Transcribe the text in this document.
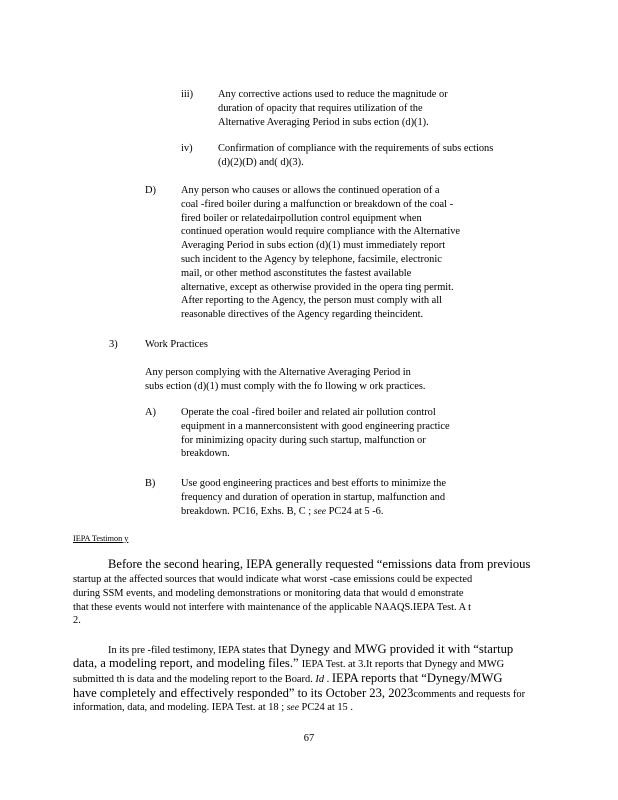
iii) Any corrective actions used to reduce the magnitude or
duration of opacity that requires utilization of the
Alternative Averaging Period in subs ection (d)(1).
iv) Confirmation of compliance with the requirements of subs ections
(d)(2)(D) and( d)(3).
D) Any person who causes or allows the continued operation of a
coal -fired boiler during a malfunction or breakdown of the coal -
fired boiler or relatedairpollution control equipment when
continued operation would require compliance with the Alternative
Averaging Period in subs ection (d)(1) must immediately report
such incident to the Agency by telephone, facsimile, electronic
mail, or other method asconstitutes the fastest available
alternative, except as otherwise provided in the opera ting permit.
After reporting to the Agency, the person must comply with all
reasonable directives of the Agency regarding theincident.
3)	Work Practices
Any person complying with the Alternative Averaging Period in
subs ection (d)(1) must comply with the fo llowing w ork practices.
A) Operate the coal -fired boiler and related air pollution control
equipment in a mannerconsistent with good engineering practice
for minimizing opacity during such startup, malfunction or
breakdown.
B) Use good engineering practices and best efforts to minimize the
frequency and duration of operation in startup, malfunction and
breakdown. PC16, Exhs. B, C ; see PC24 at 5 -6.
IEPA Testimon y
Before the second hearing, IEPA generally requested “emissions data from previous
startup at the affected sources that would indicate what worst -case emissions could be expected
during SSM events, and modeling demonstrations or monitoring data that would d emonstrate
that these events would not interfere with maintenance of the applicable NAAQS.IEPA Test. A t
2.
In its pre -filed testimony, IEPA states that Dynegy and MWG provided it with “startup
data, a modeling report, and modeling files.” IEPA Test. at 3.It reports that Dynegy and MWG
submitted th is data and the modeling report to the Board. Id . IEPA reports that “Dynegy/MWG
have completely and effectively responded” to its October 23, 2023comments and requests for
information, data, and modeling. IEPA Test. at 18 ; see PC24 at 15 .
67
